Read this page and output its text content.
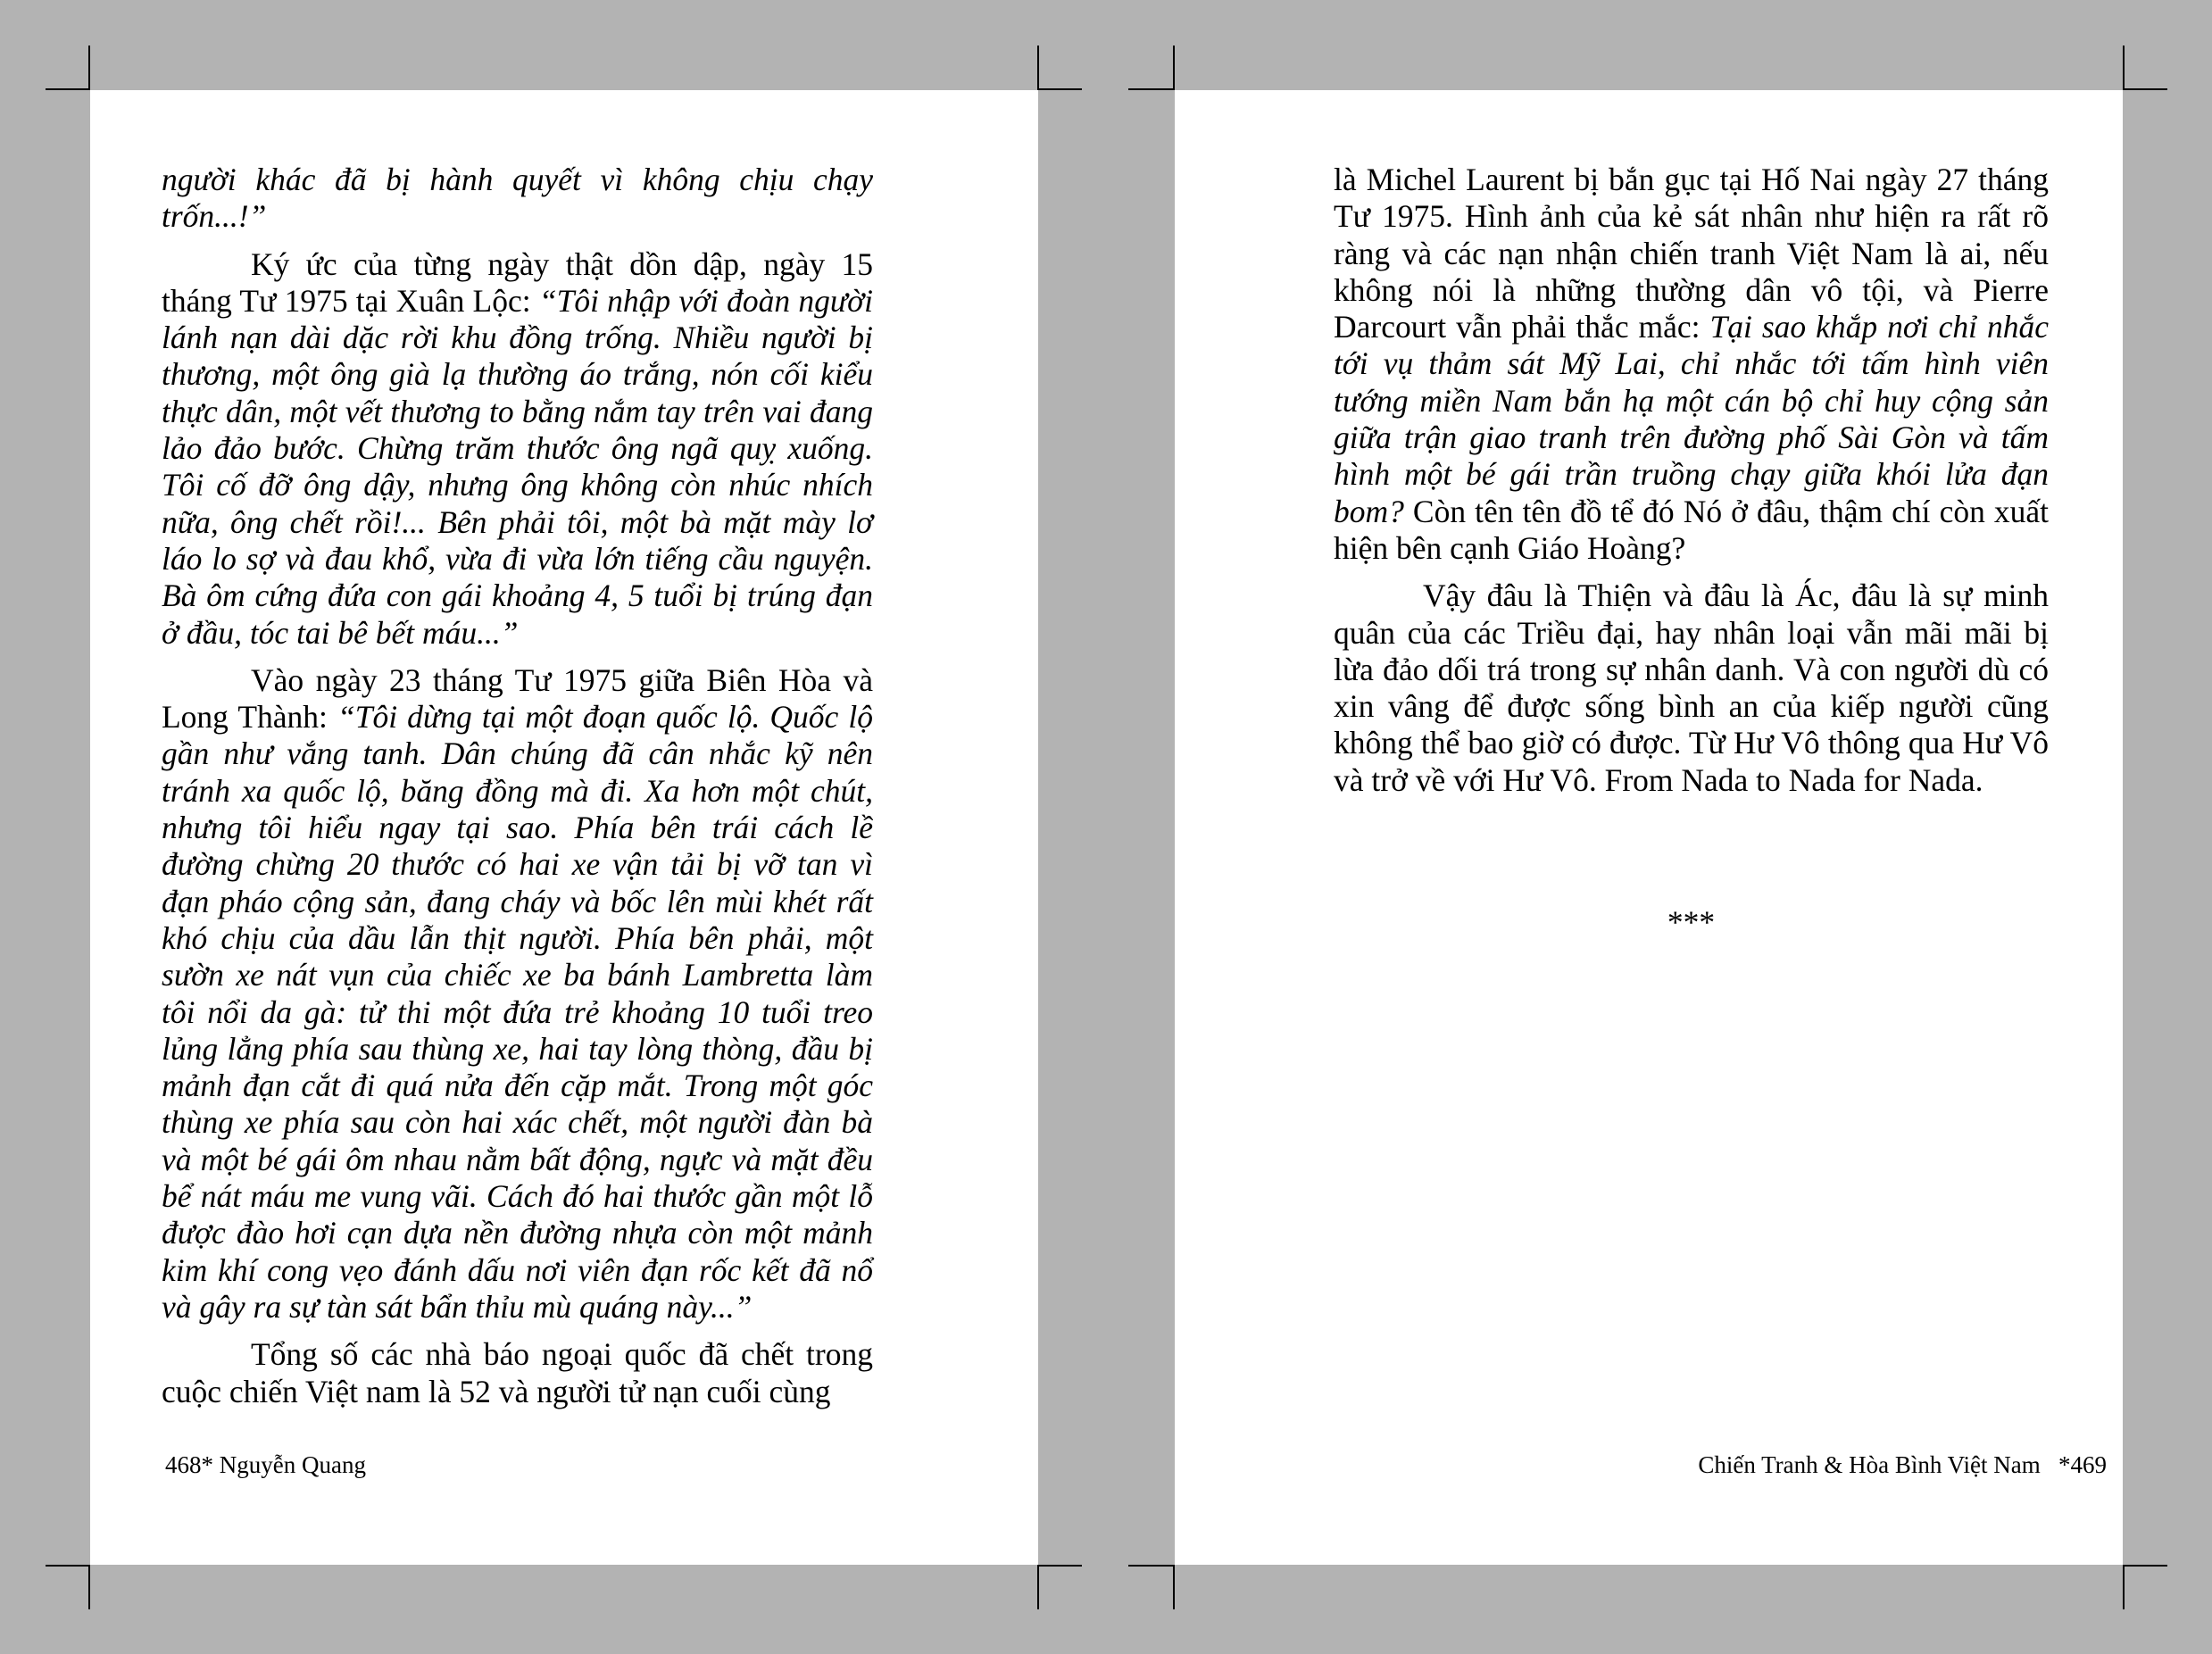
người khác đã bị hành quyết vì không chịu chạy trốn...!”

Ký ức của từng ngày thật dồn dập, ngày 15 tháng Tư 1975 tại Xuân Lộc: “Tôi nhập với đoàn người lánh nạn dài dặc rời khu đồng trống. Nhiều người bị thương, một ông già lạ thường áo trắng, nón cối kiểu thực dân, một vết thương to bằng nắm tay trên vai đang lảo đảo bước. Chừng trăm thước ông ngã quỵ xuống. Tôi cố đỡ ông dậy, nhưng ông không còn nhúc nhích nữa, ông chết rồi!... Bên phải tôi, một bà mặt mày lơ láo lo sợ và đau khổ, vừa đi vừa lớn tiếng cầu nguyện. Bà ôm cứng đứa con gái khoảng 4, 5 tuổi bị trúng đạn ở đầu, tóc tai bê bết máu...”

Vào ngày 23 tháng Tư 1975 giữa Biên Hòa và Long Thành: “Tôi dừng tại một đoạn quốc lộ. Quốc lộ gần như vắng tanh. Dân chúng đã cân nhắc kỹ nên tránh xa quốc lộ, băng đồng mà đi. Xa hơn một chút, nhưng tôi hiểu ngay tại sao. Phía bên trái cách lề đường chừng 20 thước có hai xe vận tải bị vỡ tan vì đạn pháo cộng sản, đang cháy và bốc lên mùi khét rất khó chịu của dầu lẫn thịt người. Phía bên phải, một sườn xe nát vụn của chiếc xe ba bánh Lambretta làm tôi nổi da gà: tử thi một đứa trẻ khoảng 10 tuổi treo lủng lẳng phía sau thùng xe, hai tay lòng thòng, đầu bị mảnh đạn cắt đi quá nửa đến cặp mắt. Trong một góc thùng xe phía sau còn hai xác chết, một người đàn bà và một bé gái ôm nhau nằm bất động, ngực và mặt đều bể nát máu me vung vãi. Cách đó hai thước gần một lỗ được đào hơi cạn dựa nền đường nhựa còn một mảnh kim khí cong vẹo đánh dấu nơi viên đạn rốc kết đã nổ và gây ra sự tàn sát bẩn thỉu mù quáng này...”

Tổng số các nhà báo ngoại quốc đã chết trong cuộc chiến Việt nam là 52 và người tử nạn cuối cùng

468* Nguyễn Quang

là Michel Laurent bị bắn gục tại Hố Nai ngày 27 tháng Tư 1975. Hình ảnh của kẻ sát nhân như hiện ra rất rõ ràng và các nạn nhận chiến tranh Việt Nam là ai, nếu không nói là những thường dân vô tội, và Pierre Darcourt vẫn phải thắc mắc: Tại sao khắp nơi chỉ nhắc tới vụ thảm sát Mỹ Lai, chỉ nhắc tới tấm hình viên tướng miền Nam bắn hạ một cán bộ chỉ huy cộng sản giữa trận giao tranh trên đường phố Sài Gòn và tấm hình một bé gái trần truồng chạy giữa khói lửa đạn bom? Còn tên tên đồ tể đó Nó ở đâu, thậm chí còn xuất hiện bên cạnh Giáo Hoàng?

Vậy đâu là Thiện và đâu là Ác, đâu là sự minh quân của các Triều đại, hay nhân loại vẫn mãi mãi bị lừa đảo dối trá trong sự nhân danh. Và con người dù có xin vâng để được sống bình an của kiếp người cũng không thể bao giờ có được. Từ Hư Vô thông qua Hư Vô và trở về với Hư Vô. From Nada to Nada for Nada.

***
Chiến Tranh & Hòa Bình Việt Nam   *469
